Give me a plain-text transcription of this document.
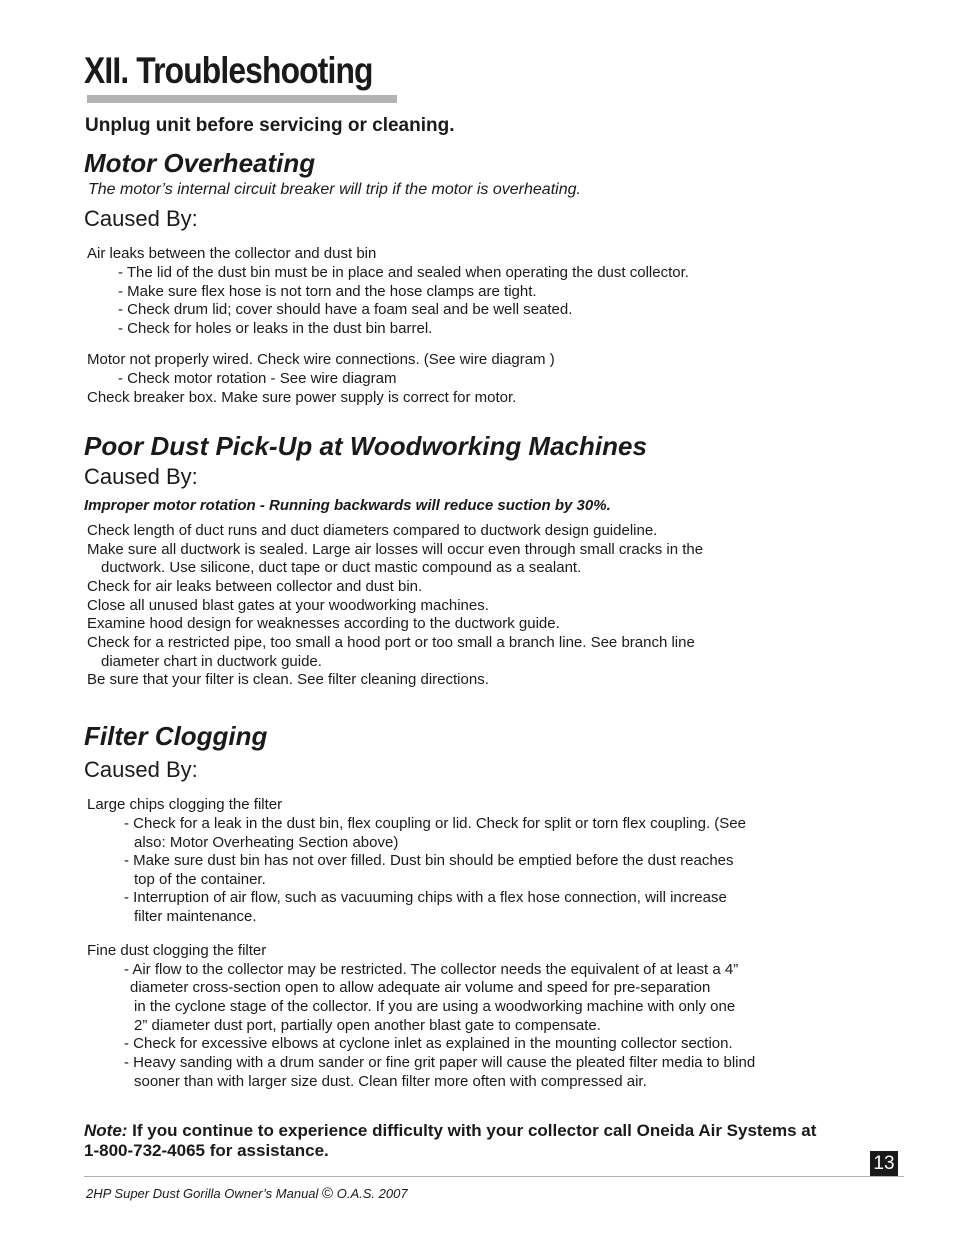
XII. Troubleshooting
Unplug unit before servicing or cleaning.
Motor Overheating
The motor’s internal circuit breaker will trip if the motor is overheating.
Caused By:
Air leaks between the collector and dust bin
- The lid of the dust bin must be in place and sealed when operating the dust collector.
- Make sure flex hose is not torn and the hose clamps are tight.
- Check drum lid; cover should have a foam seal and be well seated.
- Check for holes or leaks in the dust bin barrel.
Motor not properly wired. Check wire connections. (See wire diagram )
- Check motor rotation - See wire diagram
Check breaker box. Make sure power supply is correct for motor.
Poor Dust Pick-Up at Woodworking Machines
Caused By:
Improper motor rotation - Running backwards will reduce suction by 30%.
Check length of duct runs and duct diameters compared to ductwork design guideline.
Make sure all ductwork is sealed. Large air losses will occur even through small cracks in the
ductwork. Use silicone, duct tape or duct mastic compound as a sealant.
Check for air leaks between collector and dust bin.
Close all unused blast gates at your woodworking machines.
Examine hood design for weaknesses according to the ductwork guide.
Check for a restricted pipe, too small a hood port or too small a branch line. See branch line
diameter chart in ductwork guide.
Be sure that your filter is clean. See filter cleaning directions.
Filter Clogging
Caused By:
Large chips clogging the filter
- Check for a leak in the dust bin, flex coupling or lid. Check for split or torn flex coupling. (See
also: Motor Overheating Section above)
- Make sure dust bin has not over filled. Dust bin should be emptied before the dust reaches
top of the container.
- Interruption of air flow, such as vacuuming chips with a flex hose connection, will increase
filter maintenance.
Fine dust clogging the filter
- Air flow to the collector may be restricted. The collector needs the equivalent of at least a 4”
diameter cross-section open to allow adequate air volume and speed for pre-separation
in the cyclone stage of the collector. If you are using a woodworking machine with only one
2” diameter dust port, partially open another blast gate to compensate.
- Check for excessive elbows at cyclone inlet as explained in the mounting collector section.
- Heavy sanding with a drum sander or fine grit paper will cause the pleated filter media to blind
sooner than with larger size dust. Clean filter more often with compressed air.
Note: If you continue to experience difficulty with your collector call Oneida Air Systems at
1-800-732-4065 for assistance.
13
2HP Super Dust Gorilla Owner’s Manual © O.A.S. 2007
